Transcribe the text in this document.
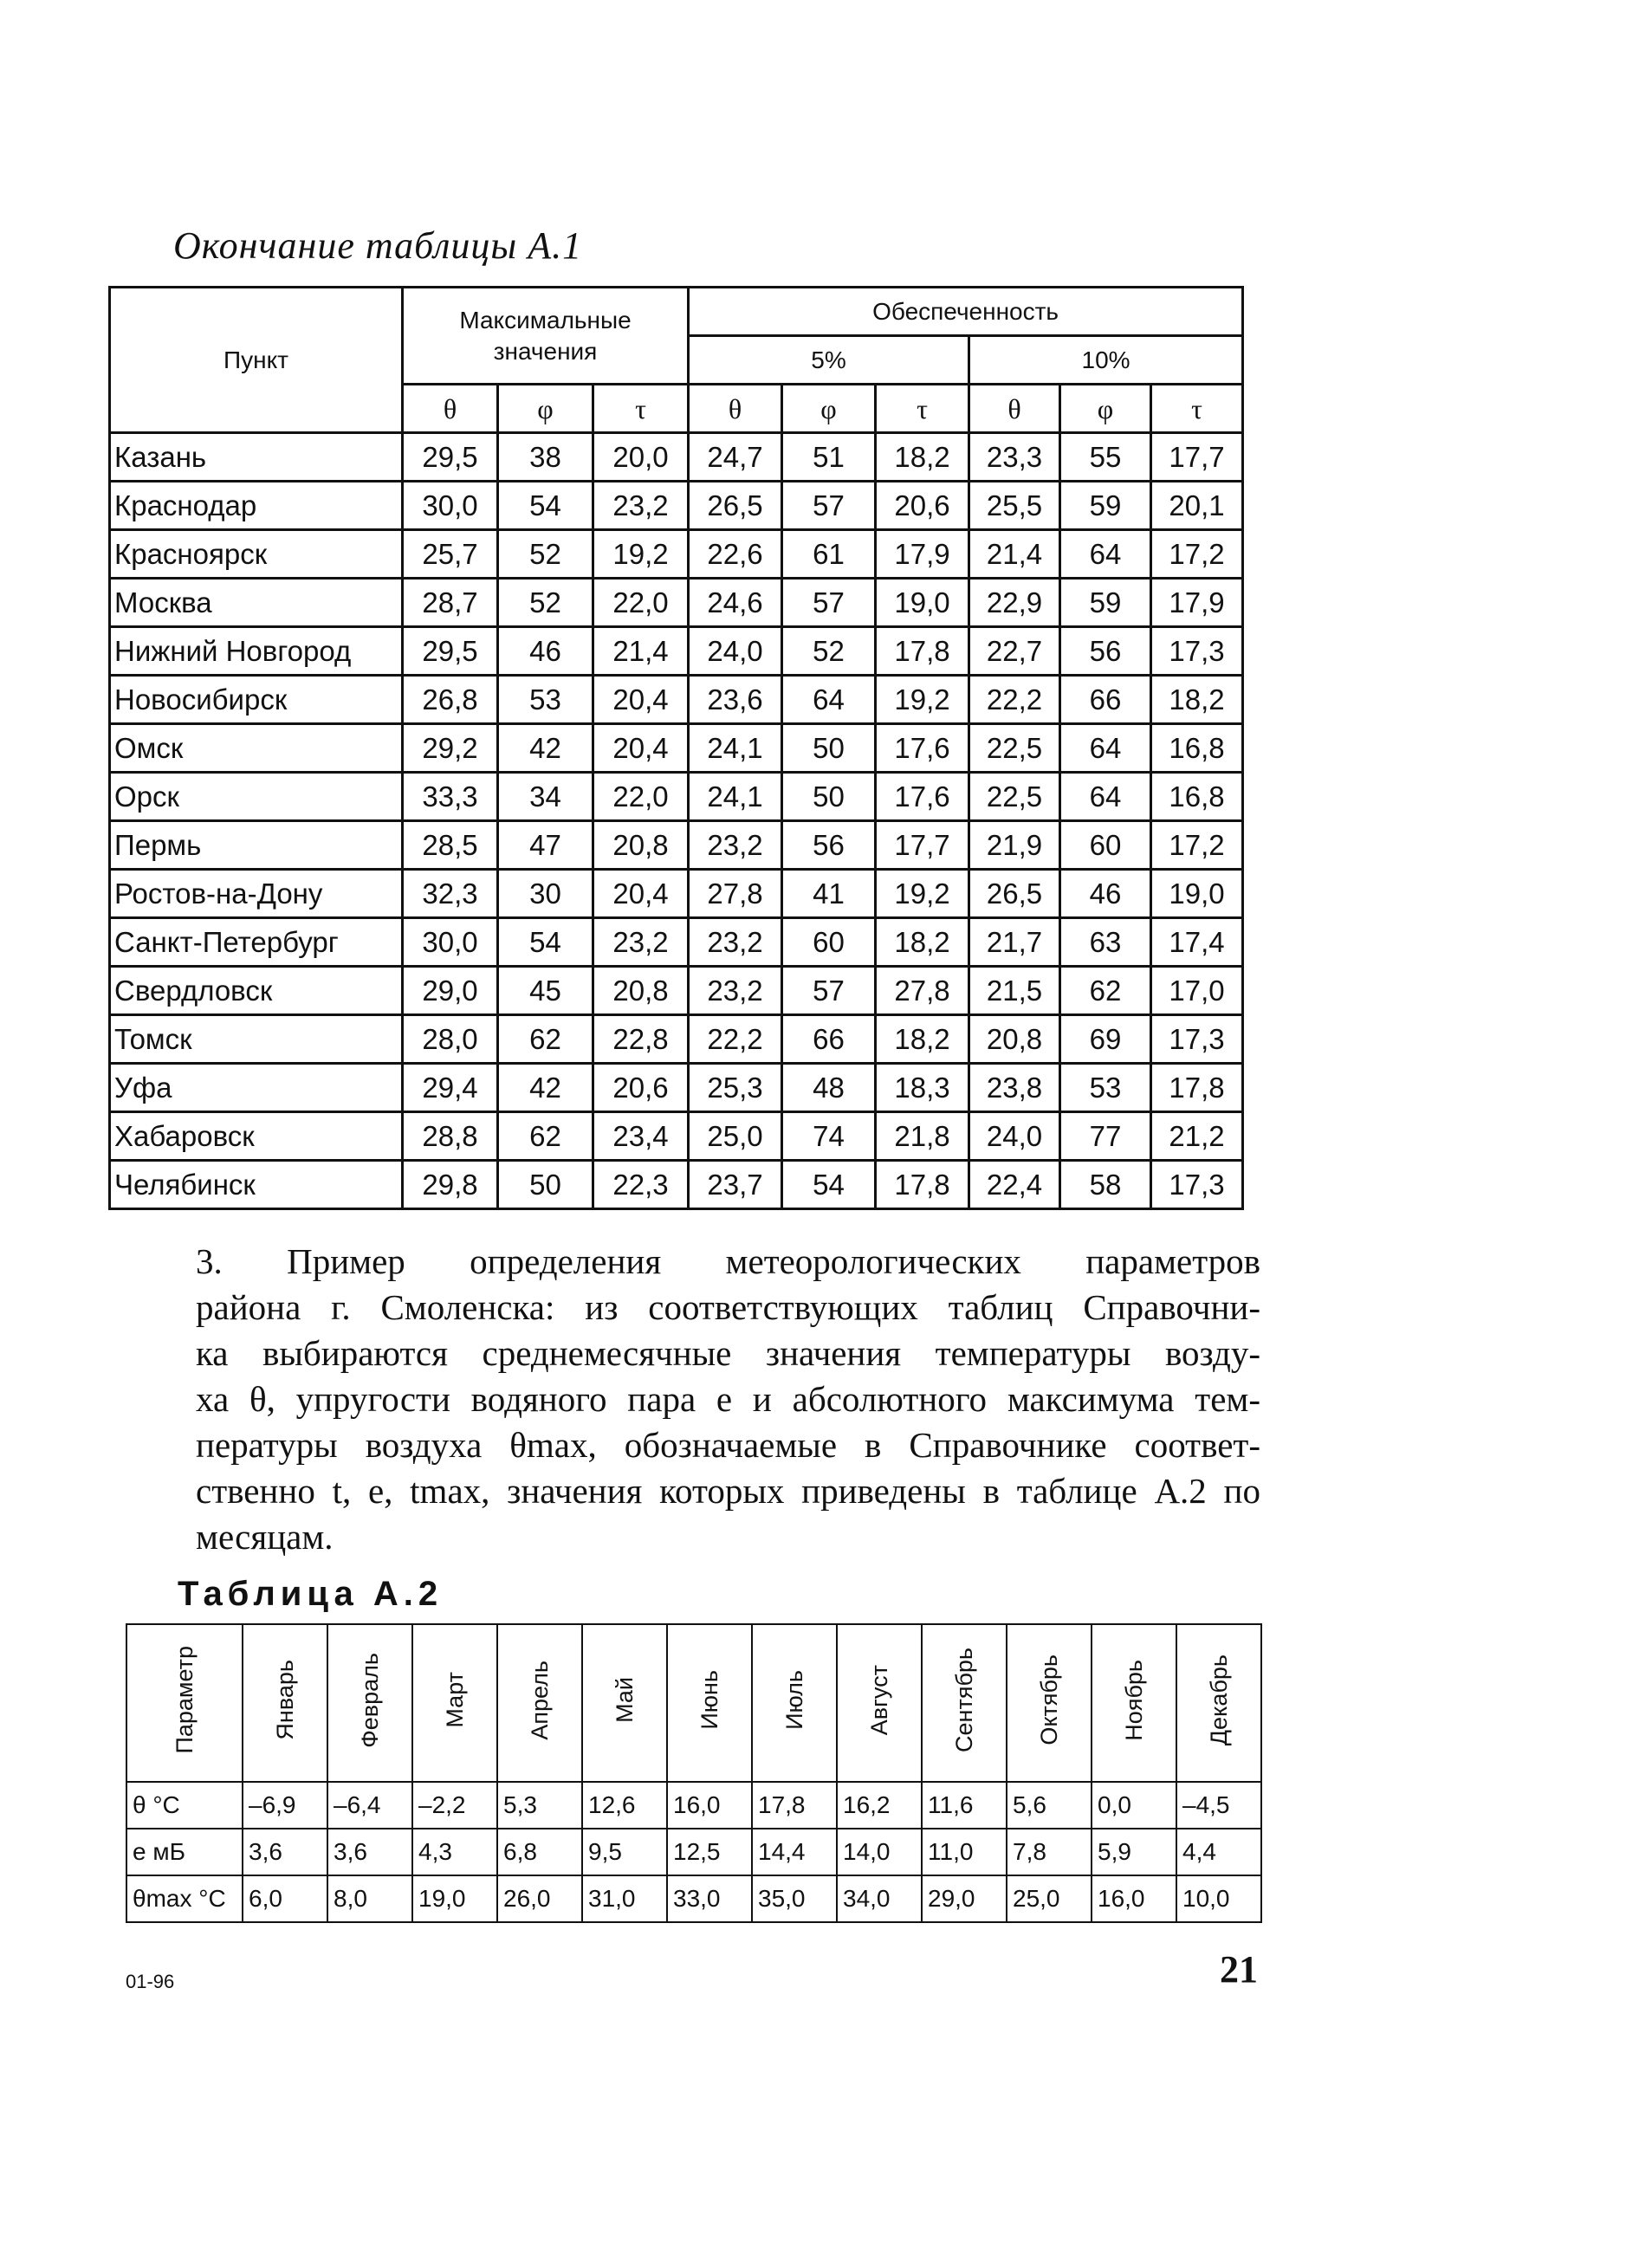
Окончание таблицы А.1
Пункт	Максимальные значения			Обеспеченность					
				5%			10%		
	θ	φ	τ	θ	φ	τ	θ	φ	τ
Казань	29,5	38	20,0	24,7	51	18,2	23,3	55	17,7
Краснодар	30,0	54	23,2	26,5	57	20,6	25,5	59	20,1
Красноярск	25,7	52	19,2	22,6	61	17,9	21,4	64	17,2
Москва	28,7	52	22,0	24,6	57	19,0	22,9	59	17,9
Нижний Новгород	29,5	46	21,4	24,0	52	17,8	22,7	56	17,3
Новосибирск	26,8	53	20,4	23,6	64	19,2	22,2	66	18,2
Омск	29,2	42	20,4	24,1	50	17,6	22,5	64	16,8
Орск	33,3	34	22,0	24,1	50	17,6	22,5	64	16,8
Пермь	28,5	47	20,8	23,2	56	17,7	21,9	60	17,2
Ростов-на-Дону	32,3	30	20,4	27,8	41	19,2	26,5	46	19,0
Санкт-Петербург	30,0	54	23,2	23,2	60	18,2	21,7	63	17,4
Свердловск	29,0	45	20,8	23,2	57	27,8	21,5	62	17,0
Томск	28,0	62	22,8	22,2	66	18,2	20,8	69	17,3
Уфа	29,4	42	20,6	25,3	48	18,3	23,8	53	17,8
Хабаровск	28,8	62	23,4	25,0	74	21,8	24,0	77	21,2
Челябинск	29,8	50	22,3	23,7	54	17,8	22,4	58	17,3
3. Пример определения метеорологических параметров
района г. Смоленска: из соответствующих таблиц Справочни-
ка выбираются среднемесячные значения температуры возду-
ха θ, упругости водяного пара e и абсолютного максимума тем-
пературы воздуха θmax, обозначаемые в Справочнике соответ-
ственно t, e, tmax, значения которых приведены в таблице А.2 по
месяцам.
Таблица А.2
Параметр	Январь	Февраль	Март	Апрель	Май	Июнь	Июль	Август	Сентябрь	Октябрь	Ноябрь	Декабрь
θ °C	–6,9	–6,4	–2,2	5,3	12,6	16,0	17,8	16,2	11,6	5,6	0,0	–4,5
e мБ	3,6	3,6	4,3	6,8	9,5	12,5	14,4	14,0	11,0	7,8	5,9	4,4
θmax °C	6,0	8,0	19,0	26,0	31,0	33,0	35,0	34,0	29,0	25,0	16,0	10,0
01-96	21
